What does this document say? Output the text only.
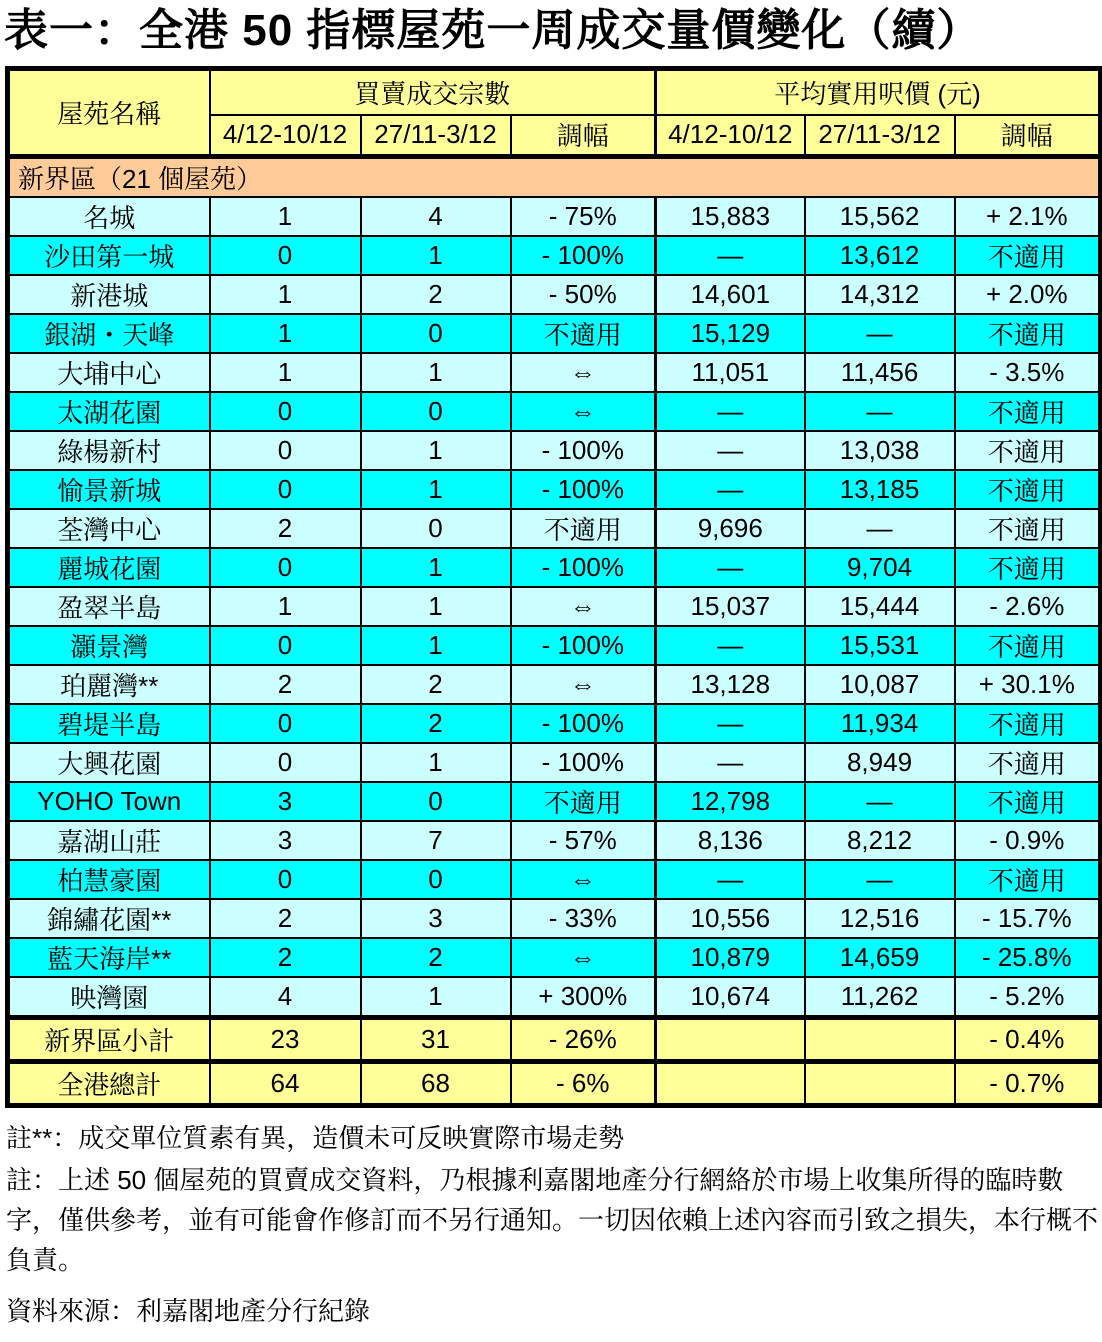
表一：全港 50 指標屋苑一周成交量價變化（續）
屋苑名稱	買賣成交宗數			平均實用呎價 (元)		
	4/12-10/12	27/11-3/12	調幅	4/12-10/12	27/11-3/12	調幅
新界區（21 個屋苑）						
名城	1	4	- 75%	15,883	15,562	+ 2.1%
沙田第一城	0	1	- 100%	—	13,612	不適用
新港城	1	2	- 50%	14,601	14,312	+ 2.0%
銀湖・天峰	1	0	不適用	15,129	—	不適用
大埔中心	1	1	⇔	11,051	11,456	- 3.5%
太湖花園	0	0	⇔	—	—	不適用
綠楊新村	0	1	- 100%	—	13,038	不適用
愉景新城	0	1	- 100%	—	13,185	不適用
荃灣中心	2	0	不適用	9,696	—	不適用
麗城花園	0	1	- 100%	—	9,704	不適用
盈翠半島	1	1	⇔	15,037	15,444	- 2.6%
灝景灣	0	1	- 100%	—	15,531	不適用
珀麗灣**	2	2	⇔	13,128	10,087	+ 30.1%
碧堤半島	0	2	- 100%	—	11,934	不適用
大興花園	0	1	- 100%	—	8,949	不適用
YOHO Town	3	0	不適用	12,798	—	不適用
嘉湖山莊	3	7	- 57%	8,136	8,212	- 0.9%
柏慧豪園	0	0	⇔	—	—	不適用
錦繡花園**	2	3	- 33%	10,556	12,516	- 15.7%
藍天海岸**	2	2	⇔	10,879	14,659	- 25.8%
映灣園	4	1	+ 300%	10,674	11,262	- 5.2%
新界區小計	23	31	- 26%			- 0.4%
全港總計	64	68	- 6%			- 0.7%
註**：成交單位質素有異，造價未可反映實際市場走勢
註：上述 50 個屋苑的買賣成交資料，乃根據利嘉閣地產分行網絡於市場上收集所得的臨時數字，僅供參考，並有可能會作修訂而不另行通知。一切因依賴上述內容而引致之損失，本行概不負責。
資料來源：利嘉閣地產分行紀錄
